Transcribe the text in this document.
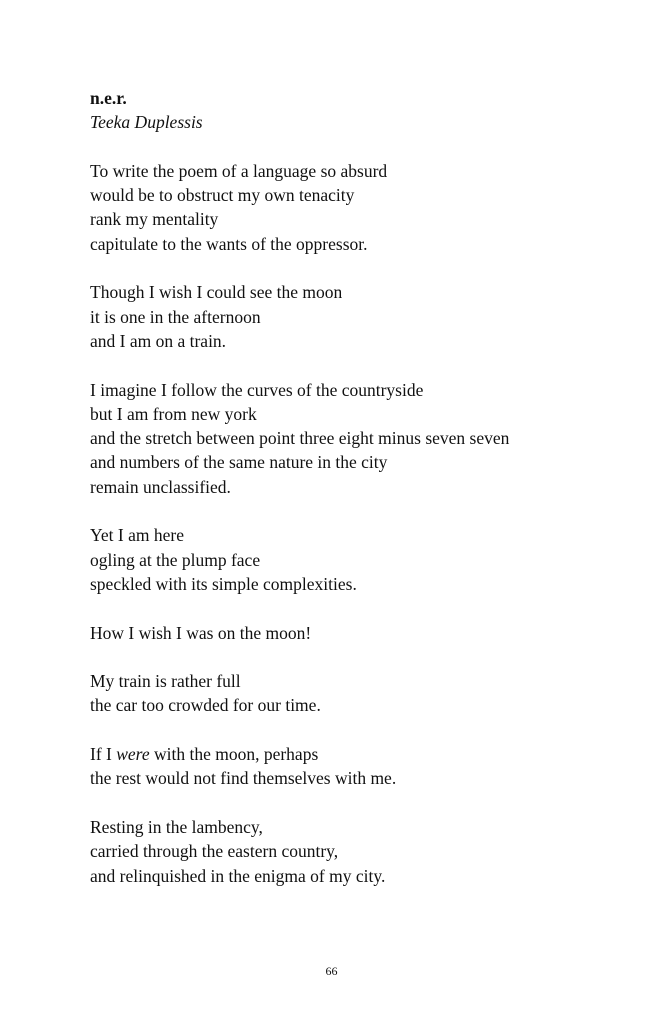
n.e.r.
Teeka Duplessis
To write the poem of a language so absurd
would be to obstruct my own tenacity
rank my mentality
capitulate to the wants of the oppressor.
Though I wish I could see the moon
it is one in the afternoon
and I am on a train.
I imagine I follow the curves of the countryside
but I am from new york
and the stretch between point three eight minus seven seven
and numbers of the same nature in the city
remain unclassified.
Yet I am here
ogling at the plump face
speckled with its simple complexities.
How I wish I was on the moon!
My train is rather full
the car too crowded for our time.
If I were with the moon, perhaps
the rest would not find themselves with me.
Resting in the lambency,
carried through the eastern country,
and relinquished in the enigma of my city.
66
